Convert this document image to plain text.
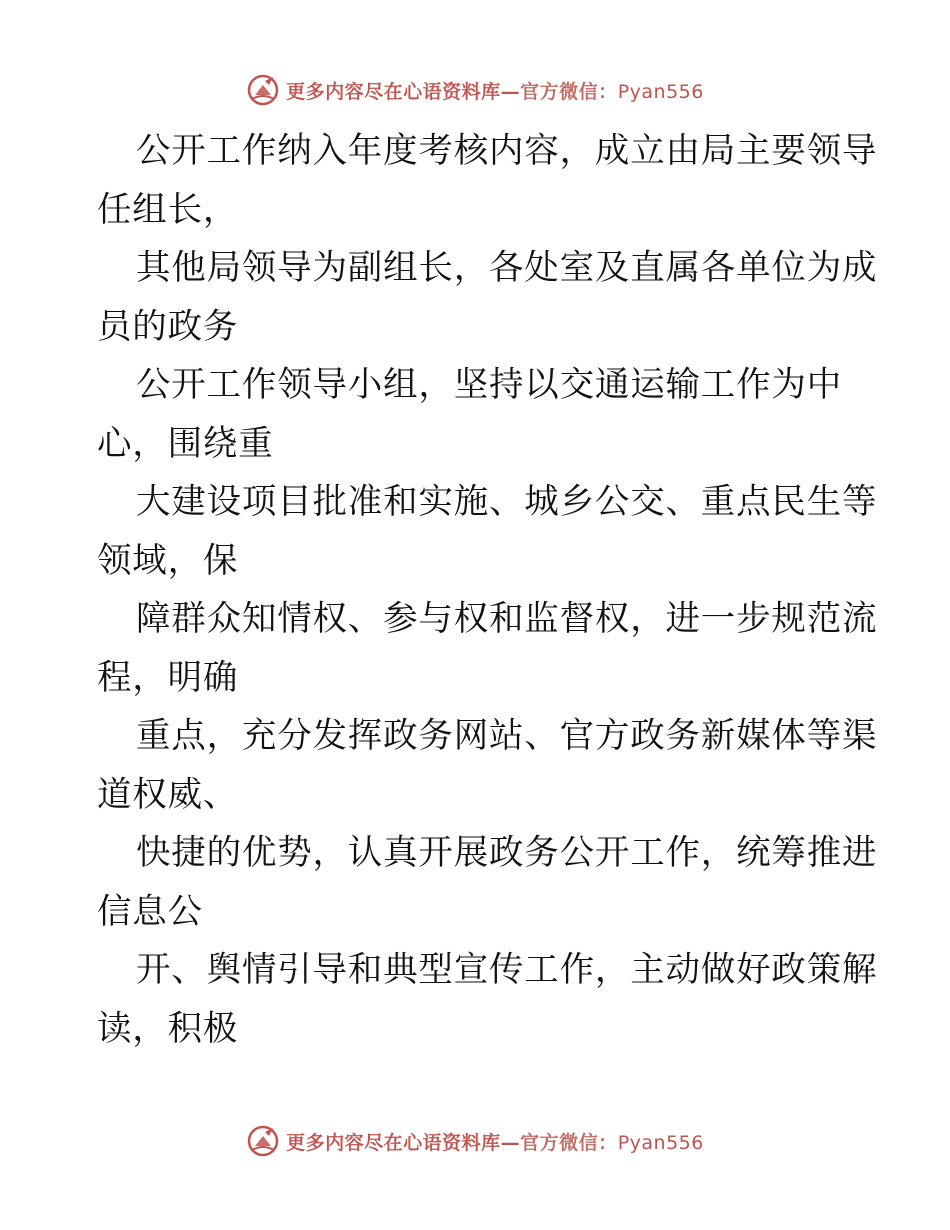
更多内容尽在心语资料库—官方微信：Pyan556
公开工作纳入年度考核内容，成立由局主要领导
任组长，
其他局领导为副组长，各处室及直属各单位为成
员的政务
公开工作领导小组，坚持以交通运输工作为中
心，围绕重
大建设项目批准和实施、城乡公交、重点民生等
领域，保
障群众知情权、参与权和监督权，进一步规范流
程，明确
重点，充分发挥政务网站、官方政务新媒体等渠
道权威、
快捷的优势，认真开展政务公开工作，统筹推进
信息公
开、舆情引导和典型宣传工作，主动做好政策解
读，积极
更多内容尽在心语资料库—官方微信：Pyan556
